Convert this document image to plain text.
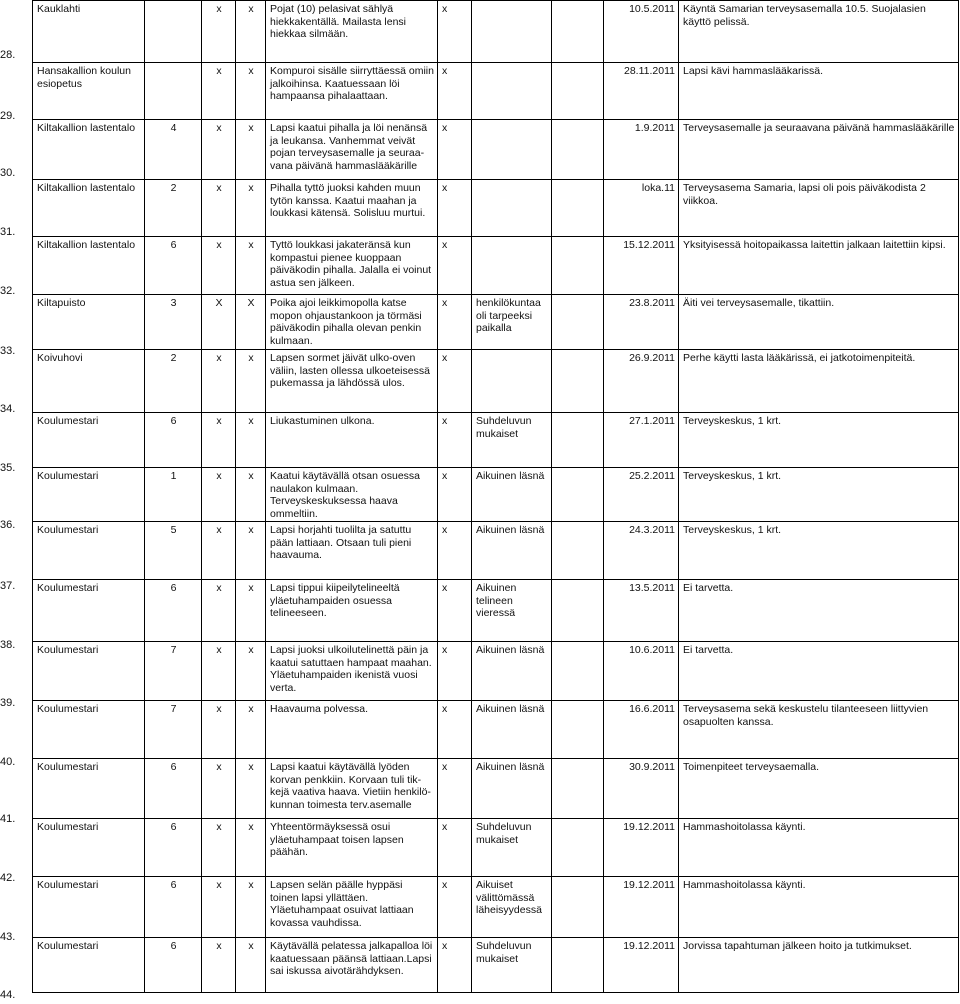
28.
29.
30.
31.
32.
33.
34.
35.
36.
37.
38.
39.
40.
41.
42.
43.
44.
Kauklahti		x	x	Pojat (10) pelasivat sählyä hiekkakentällä. Mailasta lensi hiekkaa silmään.	x			10.5.2011	Käyntä Samarian terveysasemalla 10.5. Suojalasien käyttö pelissä.
Hansakallion koulun esiopetus		x	x	Kompuroi sisälle siirryttäessä omiin jalkoihinsa. Kaatuessaan löi hampaansa pihalaattaan.	x			28.11.2011	Lapsi kävi hammaslääkarissä.
Kiltakallion lastentalo	4	x	x	Lapsi kaatui pihalla ja löi nenänsä ja leukansa. Vanhemmat veivät pojan terveysasemalle ja seuraa-vana päivänä hammaslääkärille	x			1.9.2011	Terveysasemalle ja seuraavana päivänä hammaslääkärille
Kiltakallion lastentalo	2	x	x	Pihalla tyttö juoksi kahden muun tytön kanssa. Kaatui maahan ja loukkasi kätensä. Solisluu murtui.	x			loka.11	Terveysasema Samaria, lapsi oli pois päiväkodista 2 viikkoa.
Kiltakallion lastentalo	6	x	x	Tyttö loukkasi jakateränsä kun kompastui pienee kuoppaan päiväkodin pihalla. Jalalla ei voinut astua sen jälkeen.	x			15.12.2011	Yksityisessä hoitopaikassa laitettin jalkaan laitettiin kipsi.
Kiltapuisto	3	X	X	Poika ajoi leikkimopolla katse mopon ohjaustankoon ja törmäsi päiväkodin pihalla olevan penkin kulmaan.	x	henkilökuntaa oli tarpeeksi paikalla		23.8.2011	Äiti vei terveysasemalle, tikattiin.
Koivuhovi	2	x	x	Lapsen sormet jäivät ulko-oven väliin, lasten ollessa ulkoeteisessä pukemassa ja lähdössä ulos.	x			26.9.2011	Perhe käytti lasta lääkärissä, ei jatkotoimenpiteitä.
Koulumestari	6	x	x	Liukastuminen ulkona.	x	Suhdeluvun mukaiset		27.1.2011	Terveyskeskus, 1 krt.
Koulumestari	1	x	x	Kaatui käytävällä otsan osuessa naulakon kulmaan. Terveyskeskuksessa haava ommeltiin.	x	Aikuinen läsnä		25.2.2011	Terveyskeskus, 1 krt.
Koulumestari	5	x	x	Lapsi horjahti tuolilta ja satuttu pään lattiaan. Otsaan tuli pieni haavauma.	x	Aikuinen läsnä		24.3.2011	Terveyskeskus, 1 krt.
Koulumestari	6	x	x	Lapsi tippui kiipeilytelineeltä yläetuhampaiden osuessa telineeseen.	x	Aikuinen telineen vieressä		13.5.2011	Ei tarvetta.
Koulumestari	7	x	x	Lapsi juoksi ulkoilutelinettä päin ja kaatui satuttaen hampaat maahan. Yläetuhampaiden ikenistä vuosi verta.	x	Aikuinen läsnä		10.6.2011	Ei tarvetta.
Koulumestari	7	x	x	Haavauma polvessa.	x	Aikuinen läsnä		16.6.2011	Terveysasema sekä keskustelu tilanteeseen liittyvien osapuolten kanssa.
Koulumestari	6	x	x	Lapsi kaatui käytävällä lyöden korvan penkkiin. Korvaan tuli tik-kejä vaativa haava. Vietiin henkilö-kunnan toimesta terv.asemalle	x	Aikuinen läsnä		30.9.2011	Toimenpiteet terveysaemalla.
Koulumestari	6	x	x	Yhteentörmäyksessä osui yläetuhampaat toisen lapsen päähän.	x	Suhdeluvun mukaiset		19.12.2011	Hammashoitolassa käynti.
Koulumestari	6	x	x	Lapsen selän päälle hyppäsi toinen lapsi yllättäen. Yläetuhampaat osuivat lattiaan kovassa vauhdissa.	x	Aikuiset välittömässä läheisyydessä		19.12.2011	Hammashoitolassa käynti.
Koulumestari	6	x	x	Käytävällä pelatessa jalkapalloa löi kaatuessaan päänsä lattiaan.Lapsi sai iskussa aivotärähdyksen.	x	Suhdeluvun mukaiset		19.12.2011	Jorvissa tapahtuman jälkeen hoito ja tutkimukset.
